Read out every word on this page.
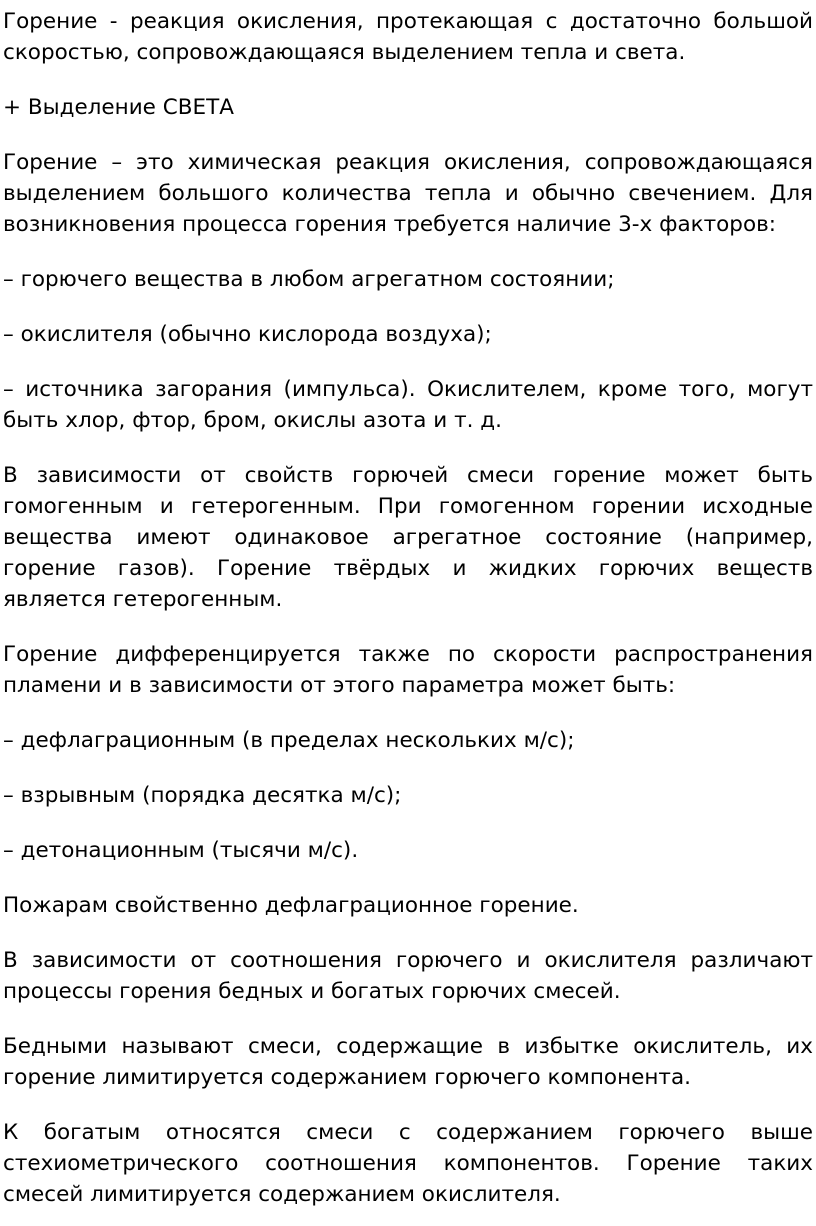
Горение - реакция окисления, протекающая с достаточно большой скоростью, сопровождающаяся выделением тепла и света.

+ Выделение СВЕТА

Горение – это химическая реакция окисления, сопровождающаяся выделением большого количества тепла и обычно свечением. Для возникновения процесса горения требуется наличие 3-х факторов:

– горючего вещества в любом агрегатном состоянии;

– окислителя (обычно кислорода воздуха);

– источника загорания (импульса). Окислителем, кроме того, могут быть хлор, фтор, бром, окислы азота и т. д.

В зависимости от свойств горючей смеси горение может быть гомогенным и гетерогенным. При гомогенном горении исходные вещества имеют одинаковое агрегатное состояние (например, горение газов). Горение твёрдых и жидких горючих веществ является гетерогенным.

Горение дифференцируется также по скорости распространения пламени и в зависимости от этого параметра может быть:

– дефлаграционным (в пределах нескольких м/с);

– взрывным (порядка десятка м/с);

– детонационным (тысячи м/с).

Пожарам свойственно дефлаграционное горение.

В зависимости от соотношения горючего и окислителя различают процессы горения бедных и богатых горючих смесей.

Бедными называют смеси, содержащие в избытке окислитель, их горение лимитируется содержанием горючего компонента.

К богатым относятся смеси с содержанием горючего выше стехиометрического соотношения компонентов. Горение таких смесей лимитируется содержанием окислителя.
